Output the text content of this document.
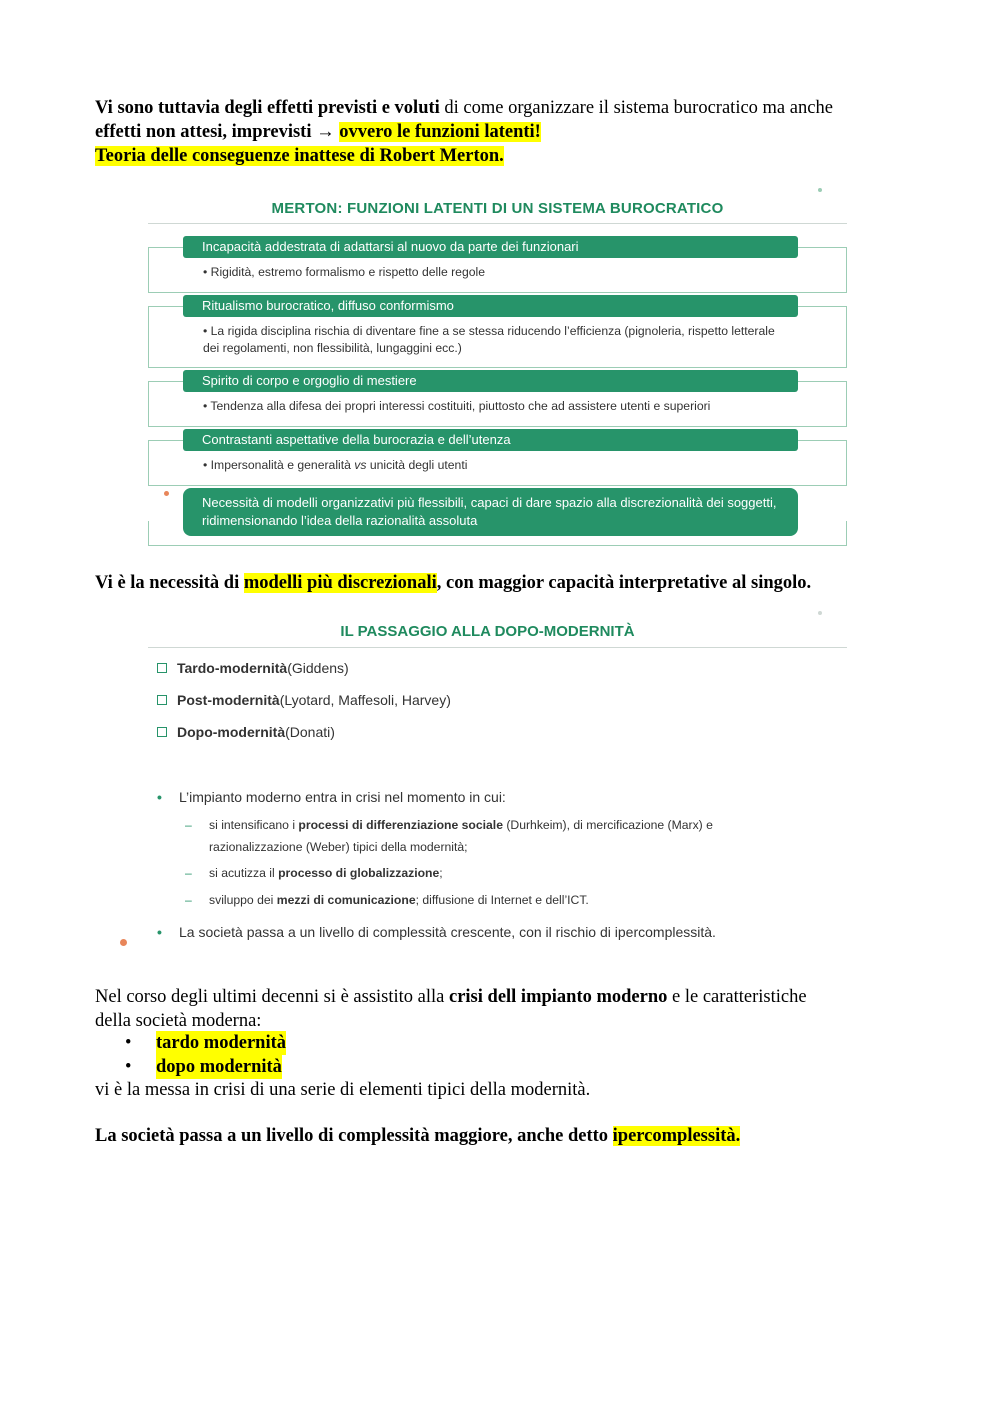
Vi sono tuttavia degli effetti previsti e voluti di come organizzare il sistema burocratico ma anche
effetti non attesi, imprevisti → ovvero le funzioni latenti!
Teoria delle conseguenze inattese di Robert Merton.
MERTON: FUNZIONI LATENTI DI UN SISTEMA BUROCRATICO
Incapacità addestrata di adattarsi al nuovo da parte dei funzionari
• Rigidità, estremo formalismo e rispetto delle regole
Ritualismo burocratico, diffuso conformismo
• La rigida disciplina rischia di diventare fine a se stessa riducendo l’efficienza (pignoleria, rispetto letterale dei regolamenti, non flessibilità, lungaggini ecc.)
Spirito di corpo e orgoglio di mestiere
• Tendenza alla difesa dei propri interessi costituiti, piuttosto che ad assistere utenti e superiori
Contrastanti aspettative della burocrazia e dell’utenza
• Impersonalità e generalità vs unicità degli utenti
Necessità di modelli organizzativi più flessibili, capaci di dare spazio alla discrezionalità dei soggetti, ridimensionando l’idea della razionalità assoluta
Vi è la necessità di modelli più discrezionali, con maggior capacità interpretative al singolo.
IL PASSAGGIO ALLA DOPO-MODERNITÀ
Tardo-modernità (Giddens)
Post-modernità (Lyotard, Maffesoli, Harvey)
Dopo-modernità (Donati)
•	L’impianto moderno entra in crisi nel momento in cui:
– si intensificano i processi di differenziazione sociale (Durhkeim), di mercificazione (Marx) e
razionalizzazione (Weber) tipici della modernità;
– si acutizza il processo di globalizzazione;
– sviluppo dei mezzi di comunicazione; diffusione di Internet e dell’ICT.
•	La società passa a un livello di complessità crescente, con il rischio di ipercomplessità.
Nel corso degli ultimi decenni si è assistito alla crisi dell impianto moderno e le caratteristiche
della società moderna:
•	tardo modernità
•	dopo modernità
vi è la messa in crisi di una serie di elementi tipici della modernità.
La società passa a un livello di complessità maggiore, anche detto ipercomplessità.
